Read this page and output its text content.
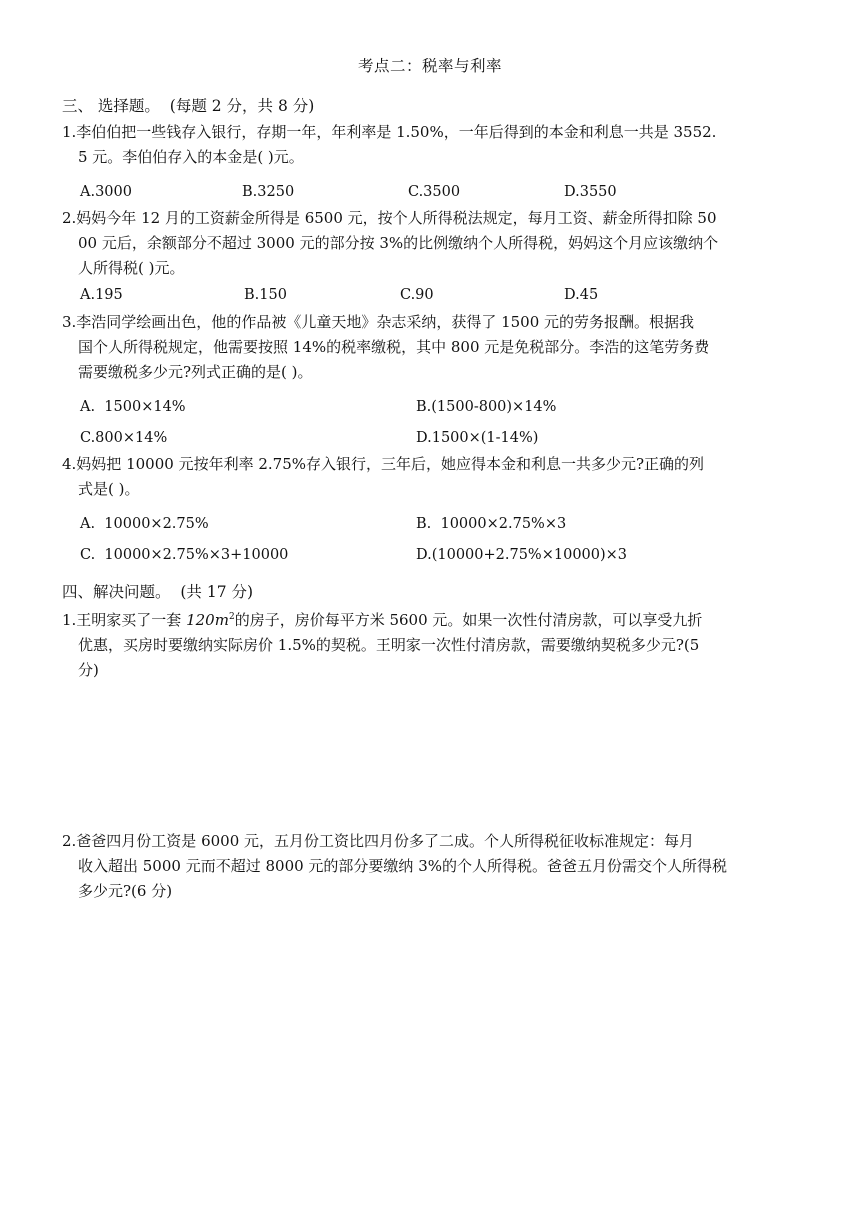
考点二：税率与利率
三、 选择题。  (每题 2 分，共 8 分)
1.李伯伯把一些钱存入银行，存期一年，年利率是 1.50%，一年后得到的本金和利息一共是 3552.
5 元。李伯伯存入的本金是( )元。
A.3000	B.3250	C.3500	D.3550
2.妈妈今年 12 月的工资薪金所得是 6500 元，按个人所得税法规定，每月工资、薪金所得扣除 50
00 元后，余额部分不超过 3000 元的部分按 3%的比例缴纳个人所得税，妈妈这个月应该缴纳个
人所得税( )元。
A.195	B.150	C.90	D.45
3.李浩同学绘画出色，他的作品被《儿童天地》杂志采纳，获得了 1500 元的劳务报酬。根据我
国个人所得税规定，他需要按照 14%的税率缴税，其中 800 元是免税部分。李浩的这笔劳务费
需要缴税多少元?列式正确的是( )。
A.  1500×14%	B.(1500-800)×14%
C.800×14%	D.1500×(1-14%)
4.妈妈把 10000 元按年利率 2.75%存入银行，三年后，她应得本金和利息一共多少元?正确的列
式是( )。
A.  10000×2.75%	B.  10000×2.75%×3
C.  10000×2.75%×3+10000	D.(10000+2.75%×10000)×3
四、解决问题。  (共 17 分)
1.王明家买了一套 $120m^2$的房子，房价每平方米 5600 元。如果一次性付清房款，可以享受九折
优惠，买房时要缴纳实际房价 1.5%的契税。王明家一次性付清房款，需要缴纳契税多少元?(5
分)
2.爸爸四月份工资是 6000 元，五月份工资比四月份多了二成。个人所得税征收标准规定：每月
收入超出 5000 元而不超过 8000 元的部分要缴纳 3%的个人所得税。爸爸五月份需交个人所得税
多少元?(6 分)
